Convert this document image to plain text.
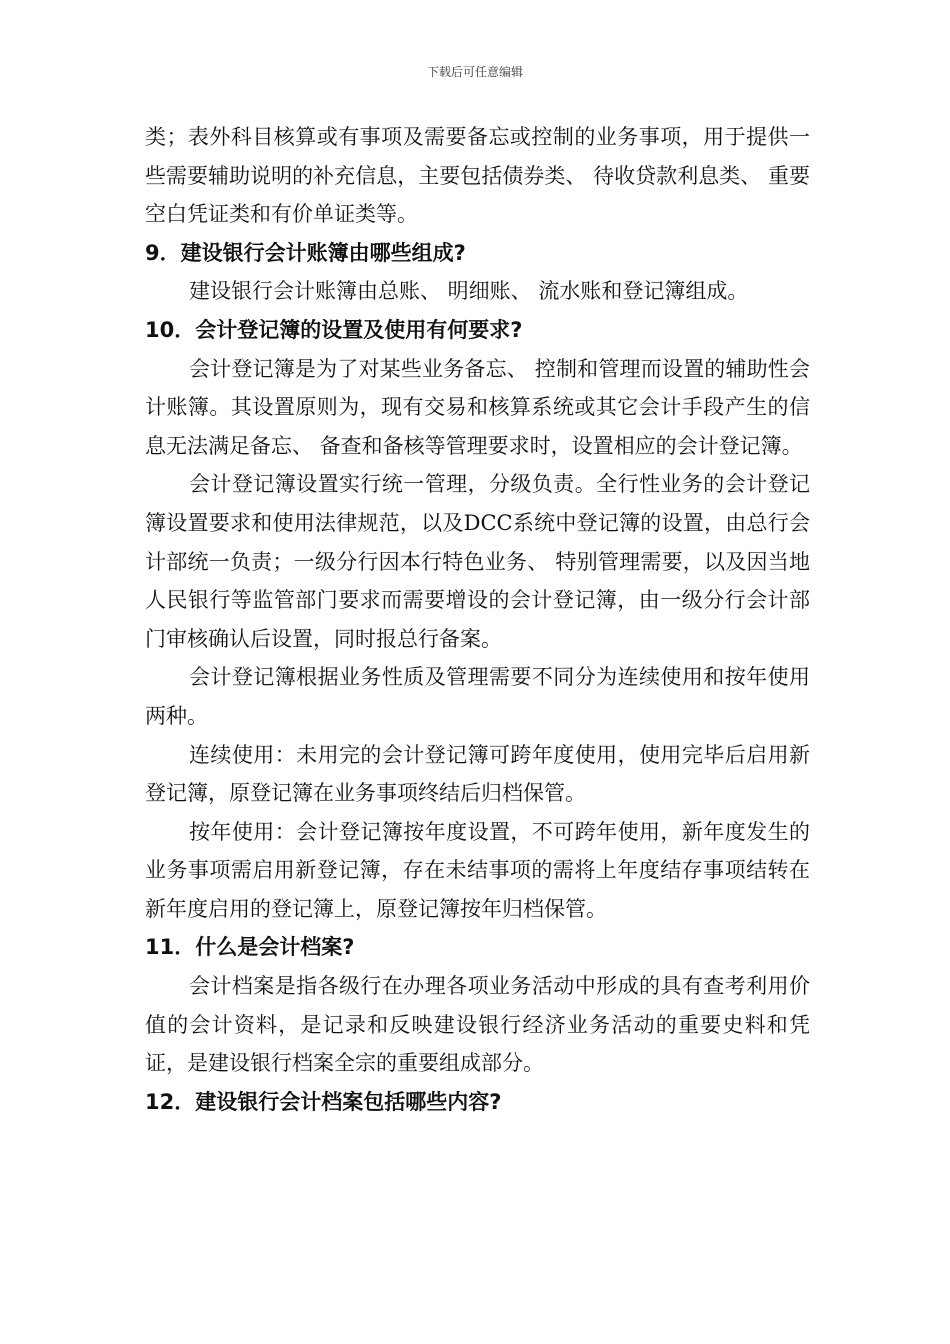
下载后可任意编辑

类；表外科目核算或有事项及需要备忘或控制的业务事项，用于提供一些需要辅助说明的补充信息，主要包括债券类、 待收贷款利息类、 重要空白凭证类和有价单证类等。

9．建设银行会计账簿由哪些组成?

建设银行会计账簿由总账、 明细账、 流水账和登记簿组成。

10．会计登记簿的设置及使用有何要求?

会计登记簿是为了对某些业务备忘、 控制和管理而设置的辅助性会计账簿。其设置原则为，现有交易和核算系统或其它会计手段产生的信息无法满足备忘、 备查和备核等管理要求时，设置相应的会计登记簿。

会计登记簿设置实行统一管理，分级负责。全行性业务的会计登记簿设置要求和使用法律规范，以及DCC系统中登记簿的设置，由总行会计部统一负责；一级分行因本行特色业务、 特别管理需要，以及因当地人民银行等监管部门要求而需要增设的会计登记簿，由一级分行会计部门审核确认后设置，同时报总行备案。

会计登记簿根据业务性质及管理需要不同分为连续使用和按年使用两种。

连续使用：未用完的会计登记簿可跨年度使用，使用完毕后启用新登记簿，原登记簿在业务事项终结后归档保管。

按年使用：会计登记簿按年度设置，不可跨年使用，新年度发生的业务事项需启用新登记簿，存在未结事项的需将上年度结存事项结转在新年度启用的登记簿上，原登记簿按年归档保管。

11．什么是会计档案?

会计档案是指各级行在办理各项业务活动中形成的具有查考利用价值的会计资料，是记录和反映建设银行经济业务活动的重要史料和凭证，是建设银行档案全宗的重要组成部分。

12．建设银行会计档案包括哪些内容?
